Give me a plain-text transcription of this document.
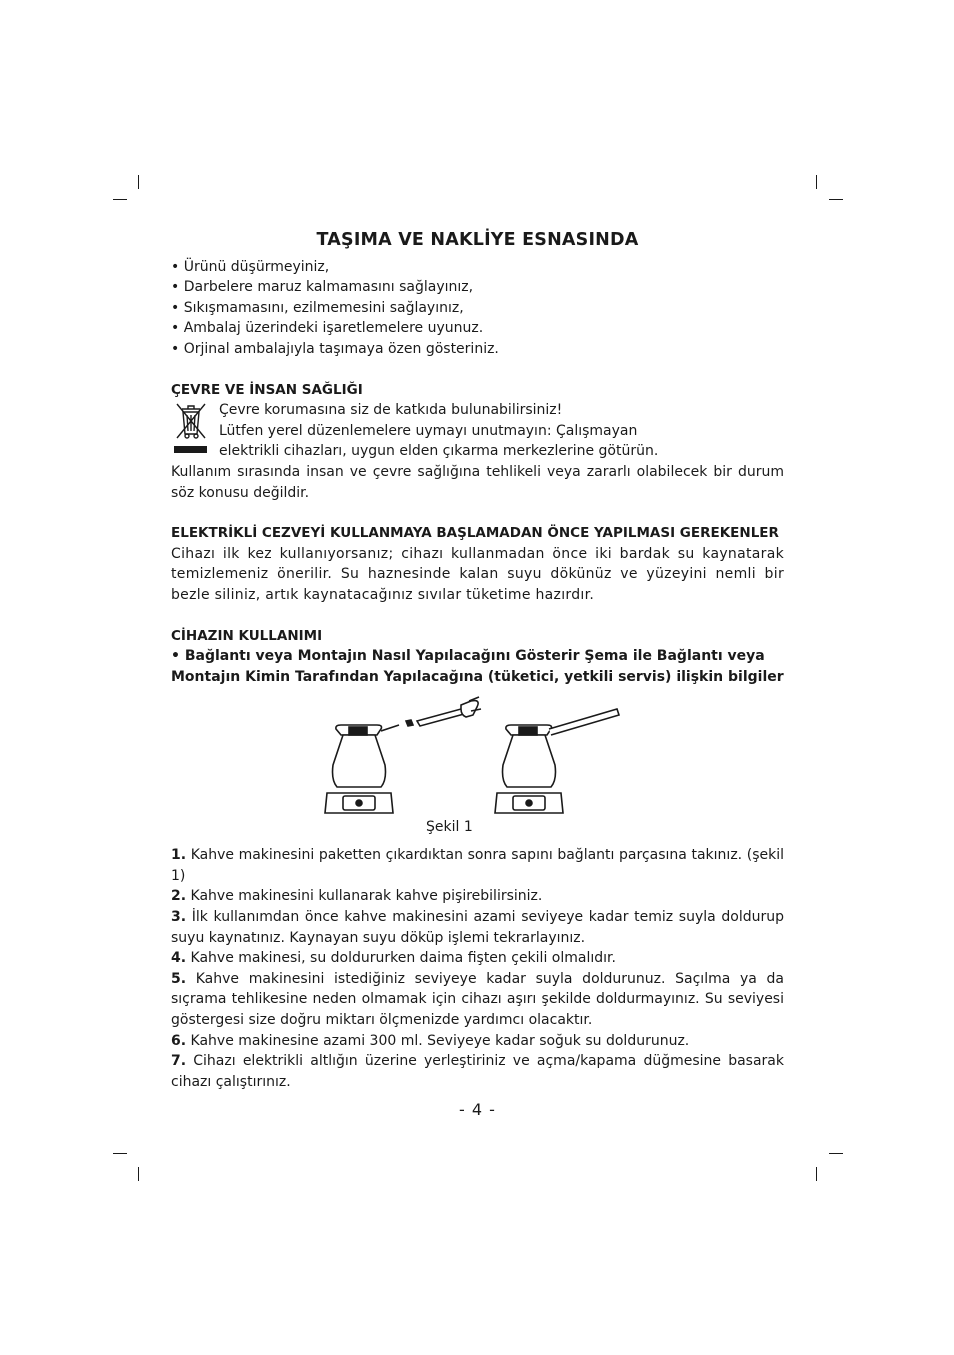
TAŞIMA VE NAKLİYE ESNASINDA
• Ürünü düşürmeyiniz,
• Darbelere maruz kalmamasını sağlayınız,
• Sıkışmamasını, ezilmemesini sağlayınız,
• Ambalaj üzerindeki işaretlemelere uyunuz.
• Orjinal ambalajıyla taşımaya özen gösteriniz.
ÇEVRE VE İNSAN SAĞLIĞI

Çevre korumasına siz de katkıda bulunabilirsiniz!

Lütfen yerel düzenlemelere uymayı unutmayın: Çalışmayan

elektrikli cihazları, uygun elden çıkarma merkezlerine götürün.

Kullanım sırasında insan ve çevre sağlığına tehlikeli veya zararlı olabilecek bir durum söz konusu değildir.

ELEKTRİKLİ CEZVEYİ KULLANMAYA BAŞLAMADAN ÖNCE YAPILMASI GEREKENLER

Cihazı ilk kez kullanıyorsanız; cihazı kullanmadan önce iki bardak su kaynatarak temizlemeniz önerilir. Su haznesinde kalan suyu dökünüz ve yüzeyini nemli bir bezle siliniz, artık kaynatacağınız sıvılar tüketime hazırdır.

CİHAZIN KULLANIMI

• Bağlantı veya Montajın Nasıl Yapılacağını Gösterir Şema ile Bağlantı veya Montajın Kimin Tarafından Yapılacağına (tüketici, yetkili servis) ilişkin bilgiler

Şekil 1
1. Kahve makinesini paketten çıkardıktan sonra sapını bağlantı parçasına takınız. (şekil 1)
2. Kahve makinesini kullanarak kahve pişirebilirsiniz.
3. İlk kullanımdan önce kahve makinesini azami seviyeye kadar temiz suyla doldurup suyu kaynatınız. Kaynayan suyu döküp işlemi tekrarlayınız.
4. Kahve makinesi, su doldururken daima fişten çekili olmalıdır.
5. Kahve makinesini istediğiniz seviyeye kadar suyla doldurunuz. Saçılma ya da sıçrama tehlikesine neden olmamak için cihazı aşırı şekilde doldurmayınız. Su seviyesi göstergesi size doğru miktarı ölçmenizde yardımcı olacaktır.
6. Kahve makinesine azami 300 ml. Seviyeye kadar soğuk su doldurunuz.
7. Cihazı elektrikli altlığın üzerine yerleştiriniz ve açma/kapama düğmesine basarak cihazı çalıştırınız.
- 4 -
